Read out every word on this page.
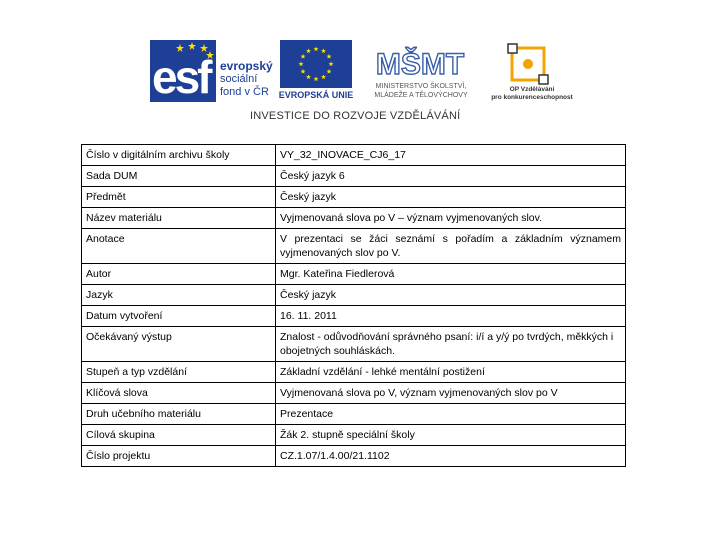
esf evropský
sociální
fond v ČR	EVROPSKÁ UNIE
MŠMT
MINISTERSTVO ŠKOLSTVÍ,
MLÁDEŽE A TĚLOVÝCHOVY
OP Vzdělávání
pro konkurenceschopnost
INVESTICE DO ROZVOJE VZDĚLÁVÁNÍ
Číslo v digitálním archivu školy	VY_32_INOVACE_CJ6_17
Sada DUM	Český jazyk 6
Předmět	Český jazyk
Název materiálu	Vyjmenovaná slova po V – význam vyjmenovaných slov.
Anotace	V prezentaci se žáci seznámí s pořadím a základním významem vyjmenovaných slov po V.
Autor	Mgr. Kateřina Fiedlerová
Jazyk	Český jazyk
Datum vytvoření	16. 11. 2011
Očekávaný výstup	Znalost - odůvodňování správného psaní: i/í a y/ý po tvrdých, měkkých i obojetných souhláskách.
Stupeň a typ vzdělání	Základní vzdělání - lehké mentální postižení
Klíčová slova	Vyjmenovaná slova po V, význam vyjmenovaných slov po V
Druh učebního materiálu	Prezentace
Cílová skupina	Žák 2. stupně speciální školy
Číslo projektu	CZ.1.07/1.4.00/21.1102
